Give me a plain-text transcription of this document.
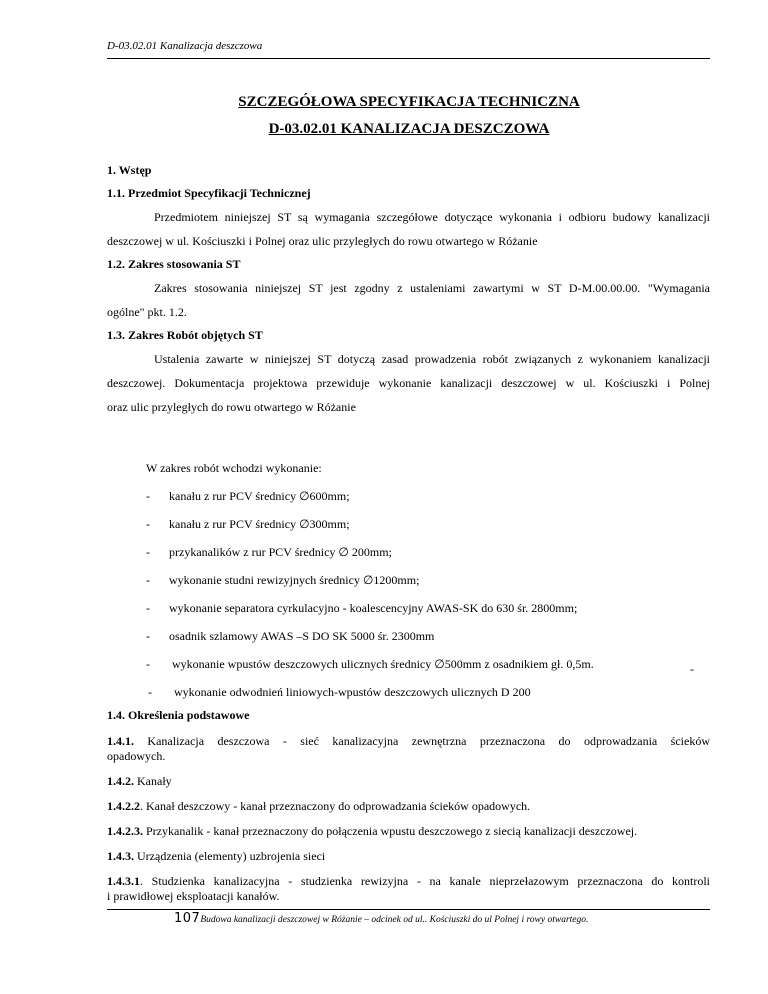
D-03.02.01 Kanalizacja deszczowa
SZCZEGÓŁOWA SPECYFIKACJA TECHNICZNA
D-03.02.01 KANALIZACJA DESZCZOWA
1. Wstęp
1.1. Przedmiot Specyfikacji Technicznej
Przedmiotem niniejszej ST są wymagania szczegółowe dotyczące wykonania i odbioru budowy kanalizacji
deszczowej w ul. Kościuszki i Polnej oraz ulic przyległych do rowu otwartego w Różanie
1.2. Zakres stosowania ST
Zakres stosowania niniejszej ST jest zgodny z ustaleniami zawartymi w ST D-M.00.00.00. "Wymagania
ogólne" pkt. 1.2.
1.3. Zakres Robót objętych ST
Ustalenia zawarte w niniejszej ST dotyczą zasad prowadzenia robót związanych z wykonaniem kanalizacji
deszczowej. Dokumentacja projektowa przewiduje wykonanie kanalizacji deszczowej w ul. Kościuszki i Polnej
oraz ulic przyległych do rowu otwartego w Różanie
W zakres robót wchodzi wykonanie:
- kanału z rur PCV średnicy ∅600mm;
- kanału z rur PCV średnicy ∅300mm;
- przykanalików z rur PCV średnicy ∅ 200mm;
- wykonanie studni rewizyjnych średnicy ∅1200mm;
- wykonanie separatora cyrkulacyjno - koalescencyjny AWAS-SK do 630 śr. 2800mm;
- osadnik szlamowy AWAS –S DO SK 5000 śr. 2300mm
- wykonanie wpustów deszczowych ulicznych średnicy ∅500mm z osadnikiem gł. 0,5m.
- wykonanie odwodnień liniowych-wpustów deszczowych ulicznych D 200
-
1.4. Określenia podstawowe
1.4.1. Kanalizacja deszczowa - sieć kanalizacyjna zewnętrzna przeznaczona do odprowadzania ścieków
opadowych.
1.4.2. Kanały
1.4.2.2. Kanał deszczowy - kanał przeznaczony do odprowadzania ścieków opadowych.
1.4.2.3. Przykanalik - kanał przeznaczony do połączenia wpustu deszczowego z siecią kanalizacji deszczowej.
1.4.3. Urządzenia (elementy) uzbrojenia sieci
1.4.3.1. Studzienka kanalizacyjna - studzienka rewizyjna - na kanale nieprzełazowym przeznaczona do kontroli
i prawidłowej eksploatacji kanałów.
107Budowa kanalizacji deszczowej w Różanie – odcinek od ul.. Kościuszki do ul Polnej i rowy otwartego.
